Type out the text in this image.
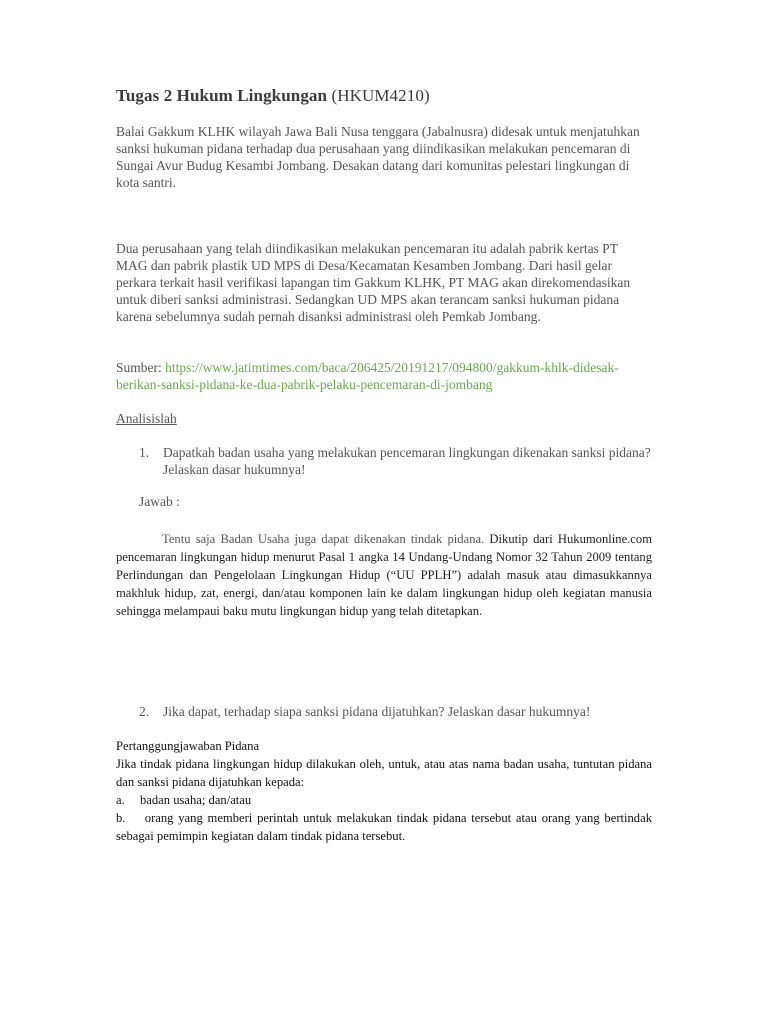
Tugas 2 Hukum Lingkungan (HKUM4210)
Balai Gakkum KLHK wilayah Jawa Bali Nusa tenggara (Jabalnusra) didesak untuk menjatuhkan sanksi hukuman pidana terhadap dua perusahaan yang diindikasikan melakukan pencemaran di Sungai Avur Budug Kesambi Jombang. Desakan datang dari komunitas pelestari lingkungan di kota santri.
Dua perusahaan yang telah diindikasikan melakukan pencemaran itu adalah pabrik kertas PT MAG dan pabrik plastik UD MPS di Desa/Kecamatan Kesamben Jombang. Dari hasil gelar perkara terkait hasil verifikasi lapangan tim Gakkum KLHK, PT MAG akan direkomendasikan untuk diberi sanksi administrasi. Sedangkan UD MPS akan terancam sanksi hukuman pidana karena sebelumnya sudah pernah disanksi administrasi oleh Pemkab Jombang.
Sumber: https://www.jatimtimes.com/baca/206425/20191217/094800/gakkum-khlk-didesak-berikan-sanksi-pidana-ke-dua-pabrik-pelaku-pencemaran-di-jombang
Analisislah
1. Dapatkah badan usaha yang melakukan pencemaran lingkungan dikenakan sanksi pidana? Jelaskan dasar hukumnya!
Jawab :
Tentu saja Badan Usaha juga dapat dikenakan tindak pidana. Dikutip dari Hukumonline.com pencemaran lingkungan hidup menurut Pasal 1 angka 14 Undang-Undang Nomor 32 Tahun 2009 tentang Perlindungan dan Pengelolaan Lingkungan Hidup (“UU PPLH”) adalah masuk atau dimasukkannya makhluk hidup, zat, energi, dan/atau komponen lain ke dalam lingkungan hidup oleh kegiatan manusia sehingga melampaui baku mutu lingkungan hidup yang telah ditetapkan.
2. Jika dapat, terhadap siapa sanksi pidana dijatuhkan? Jelaskan dasar hukumnya!
Pertanggungjawaban Pidana
Jika tindak pidana lingkungan hidup dilakukan oleh, untuk, atau atas nama badan usaha, tuntutan pidana dan sanksi pidana dijatuhkan kepada:
a. badan usaha; dan/atau
b. orang yang memberi perintah untuk melakukan tindak pidana tersebut atau orang yang bertindak sebagai pemimpin kegiatan dalam tindak pidana tersebut.
